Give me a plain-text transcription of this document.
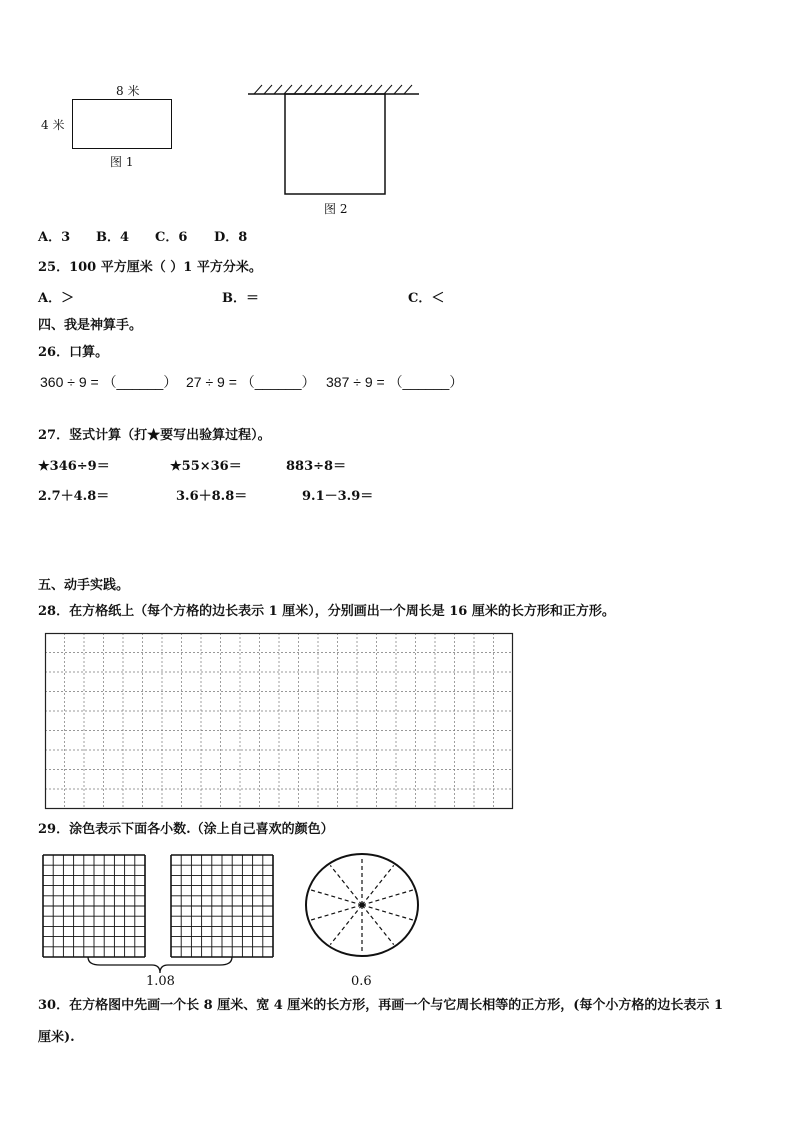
8 米
4 米
图 1
图 2
A．3 B．4 C．6 D．8
25．100 平方厘米（ ）1 平方分米。
A．＞	B．＝	C．＜
四、我是神算手。
26．口算。
360 ÷ 9 = （______） 27 ÷ 9 = （______） 387 ÷ 9 = （______）
27．竖式计算（打★要写出验算过程）。
★346÷9＝	★55×36＝	883÷8＝
2.7＋4.8＝	3.6＋8.8＝	9.1－3.9＝
五、动手实践。
28．在方格纸上（每个方格的边长表示 1 厘米），分别画出一个周长是 16 厘米的长方形和正方形。
29．涂色表示下面各小数.（涂上自己喜欢的颜色）
1.08	0.6
30．在方格图中先画一个长 8 厘米、宽 4 厘米的长方形，再画一个与它周长相等的正方形，(每个小方格的边长表示 1
厘米).
